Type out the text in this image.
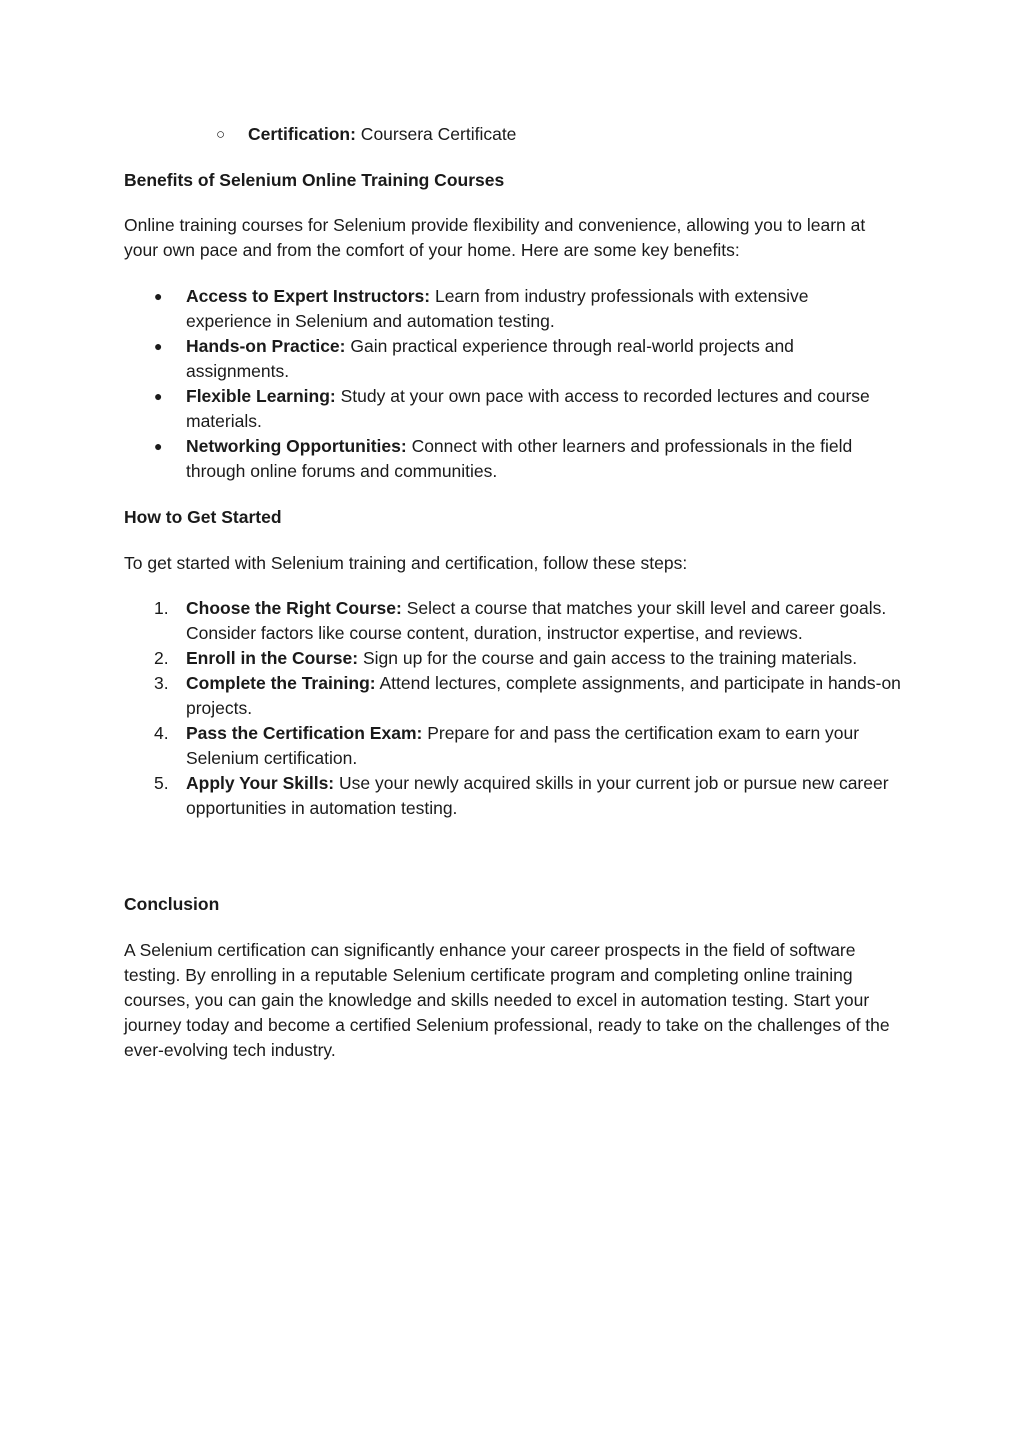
○	Certification: Coursera Certificate
Benefits of Selenium Online Training Courses

Online training courses for Selenium provide flexibility and convenience, allowing you to learn at your own pace and from the comfort of your home. Here are some key benefits:

●	Access to Expert Instructors: Learn from industry professionals with extensive experience in Selenium and automation testing.
●	Hands-on Practice: Gain practical experience through real-world projects and assignments.
●	Flexible Learning: Study at your own pace with access to recorded lectures and course materials.
●	Networking Opportunities: Connect with other learners and professionals in the field through online forums and communities.
How to Get Started

To get started with Selenium training and certification, follow these steps:

1. Choose the Right Course: Select a course that matches your skill level and career goals. Consider factors like course content, duration, instructor expertise, and reviews.
2. Enroll in the Course: Sign up for the course and gain access to the training materials.
3. Complete the Training: Attend lectures, complete assignments, and participate in hands-on projects.
4. Pass the Certification Exam: Prepare for and pass the certification exam to earn your Selenium certification.
5. Apply Your Skills: Use your newly acquired skills in your current job or pursue new career opportunities in automation testing.
Conclusion

A Selenium certification can significantly enhance your career prospects in the field of software testing. By enrolling in a reputable Selenium certificate program and completing online training courses, you can gain the knowledge and skills needed to excel in automation testing. Start your journey today and become a certified Selenium professional, ready to take on the challenges of the ever-evolving tech industry.
